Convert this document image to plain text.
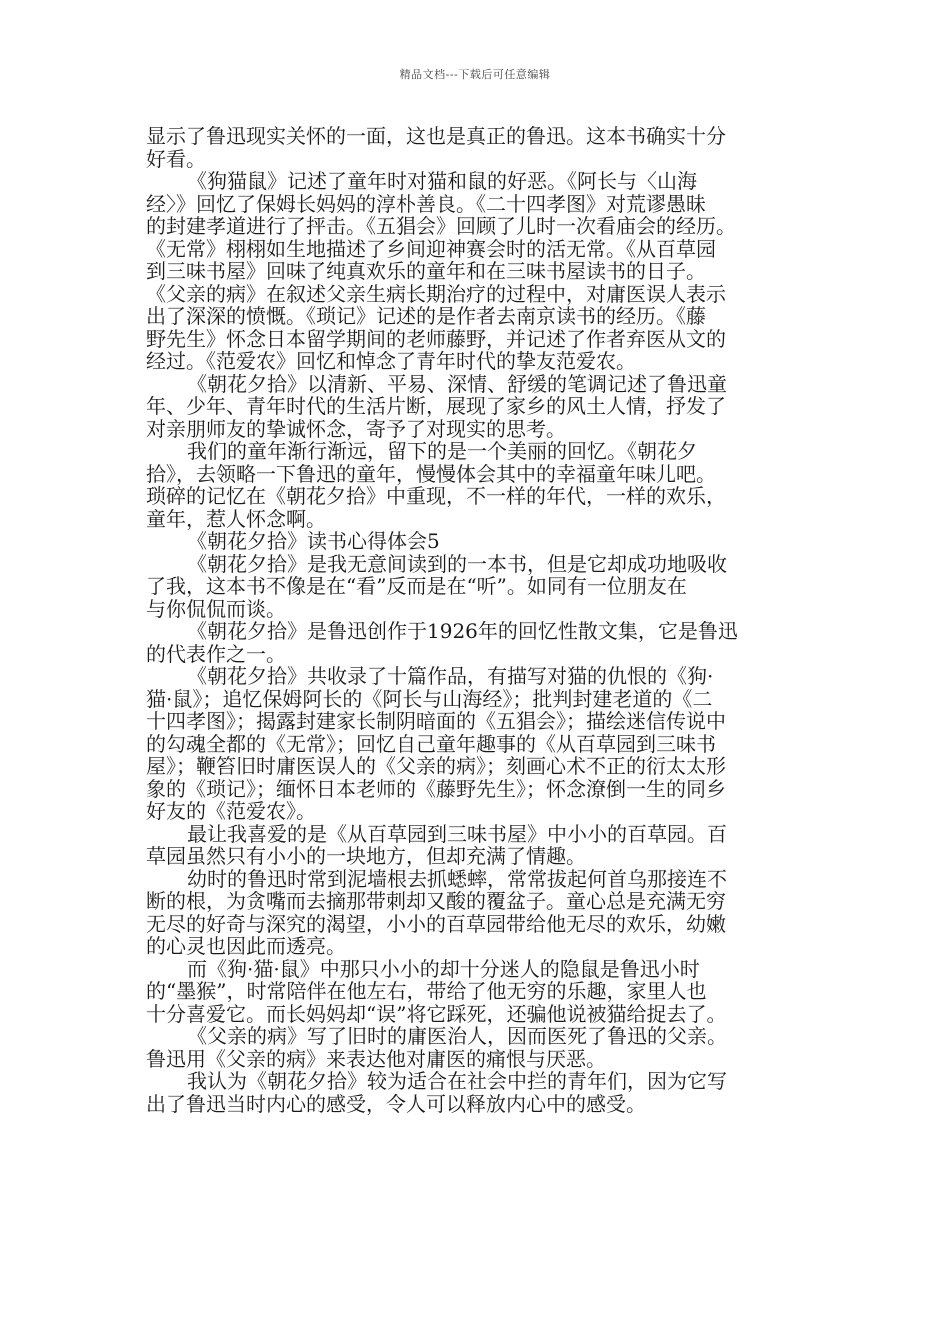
精品文档---下载后可任意编辑
显示了鲁迅现实关怀的一面，这也是真正的鲁迅。这本书确实十分
好看。
《狗猫鼠》记述了童年时对猫和鼠的好恶。《阿长与〈山海
经〉》回忆了保姆长妈妈的淳朴善良。《二十四孝图》对荒谬愚昧
的封建孝道进行了抨击。《五猖会》回顾了儿时一次看庙会的经历。
《无常》栩栩如生地描述了乡间迎神赛会时的活无常。《从百草园
到三味书屋》回味了纯真欢乐的童年和在三味书屋读书的日子。
《父亲的病》在叙述父亲生病长期治疗的过程中，对庸医误人表示
出了深深的愤慨。《琐记》记述的是作者去南京读书的经历。《藤
野先生》怀念日本留学期间的老师藤野，并记述了作者弃医从文的
经过。《范爱农》回忆和悼念了青年时代的挚友范爱农。
《朝花夕拾》以清新、平易、深情、舒缓的笔调记述了鲁迅童
年、少年、青年时代的生活片断，展现了家乡的风土人情，抒发了
对亲朋师友的挚诚怀念，寄予了对现实的思考。
我们的童年渐行渐远，留下的是一个美丽的回忆。《朝花夕
拾》，去领略一下鲁迅的童年，慢慢体会其中的幸福童年味儿吧。
琐碎的记忆在《朝花夕拾》中重现，不一样的年代，一样的欢乐，
童年，惹人怀念啊。
《朝花夕拾》读书心得体会5
《朝花夕拾》是我无意间读到的一本书，但是它却成功地吸收
了我，这本书不像是在“看”反而是在“听”。如同有一位朋友在
与你侃侃而谈。
《朝花夕拾》是鲁迅创作于1926年的回忆性散文集，它是鲁迅
的代表作之一。
《朝花夕拾》共收录了十篇作品，有描写对猫的仇恨的《狗·
猫·鼠》；追忆保姆阿长的《阿长与山海经》；批判封建老道的《二
十四孝图》；揭露封建家长制阴暗面的《五猖会》；描绘迷信传说中
的勾魂全都的《无常》；回忆自己童年趣事的《从百草园到三味书
屋》；鞭笞旧时庸医误人的《父亲的病》；刻画心术不正的衍太太形
象的《琐记》；缅怀日本老师的《藤野先生》；怀念潦倒一生的同乡
好友的《范爱农》。
最让我喜爱的是《从百草园到三味书屋》中小小的百草园。百
草园虽然只有小小的一块地方，但却充满了情趣。
幼时的鲁迅时常到泥墙根去抓蟋蟀，常常拔起何首乌那接连不
断的根，为贪嘴而去摘那带刺却又酸的覆盆子。童心总是充满无穷
无尽的好奇与深究的渴望，小小的百草园带给他无尽的欢乐，幼嫩
的心灵也因此而透亮。
而《狗·猫·鼠》中那只小小的却十分迷人的隐鼠是鲁迅小时
的“墨猴”，时常陪伴在他左右，带给了他无穷的乐趣，家里人也
十分喜爱它。而长妈妈却“误”将它踩死，还骗他说被猫给捉去了。
《父亲的病》写了旧时的庸医治人，因而医死了鲁迅的父亲。
鲁迅用《父亲的病》来表达他对庸医的痛恨与厌恶。
我认为《朝花夕拾》较为适合在社会中拦的青年们，因为它写
出了鲁迅当时内心的感受，令人可以释放内心中的感受。
